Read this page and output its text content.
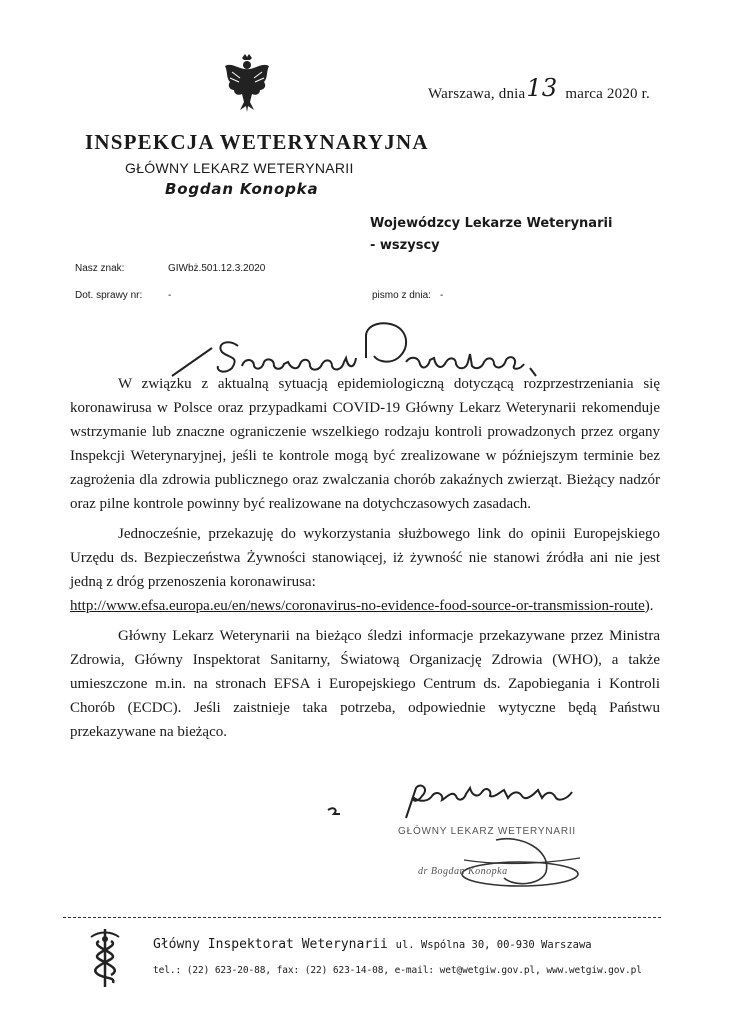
Warszawa, dnia13 marca 2020 r.
INSPEKCJA WETERYNARYJNA
GŁÓWNY LEKARZ WETERYNARII
Bogdan Konopka
Wojewódzcy Lekarze Weterynarii
- wszyscy
Nasz znak:	GIWbż.501.12.3.2020
Dot. sprawy nr:	-	pismo z dnia: -

W związku z aktualną sytuacją epidemiologiczną dotyczącą rozprzestrzeniania się koronawirusa w Polsce oraz przypadkami COVID-19 Główny Lekarz Weterynarii rekomenduje wstrzymanie lub znaczne ograniczenie wszelkiego rodzaju kontroli prowadzonych przez organy Inspekcji Weterynaryjnej, jeśli te kontrole mogą być zrealizowane w późniejszym terminie bez zagrożenia dla zdrowia publicznego oraz zwalczania chorób zakaźnych zwierząt. Bieżący nadzór oraz pilne kontrole powinny być realizowane na dotychczasowych zasadach.

Jednocześnie, przekazuję do wykorzystania służbowego link do opinii Europejskiego Urzędu ds. Bezpieczeństwa Żywności stanowiącej, iż żywność nie stanowi źródła ani nie jest jedną z dróg przenoszenia koronawirusa:

http://www.efsa.europa.eu/en/news/coronavirus-no-evidence-food-source-or-transmission-route).

Główny Lekarz Weterynarii na bieżąco śledzi informacje przekazywane przez Ministra Zdrowia, Główny Inspektorat Sanitarny, Światową Organizację Zdrowia (WHO), a także umieszczone m.in. na stronach EFSA i Europejskiego Centrum ds. Zapobiegania i Kontroli Chorób (ECDC). Jeśli zaistnieje taka potrzeba, odpowiednie wytyczne będą Państwu przekazywane na bieżąco.

GŁÓWNY LEKARZ WETERYNARII
dr Bogdan Konopka
Główny Inspektorat Weterynarii ul. Wspólna 30, 00-930 Warszawa
tel.: (22) 623-20-88, fax: (22) 623-14-08, e-mail: wet@wetgiw.gov.pl, www.wetgiw.gov.pl
